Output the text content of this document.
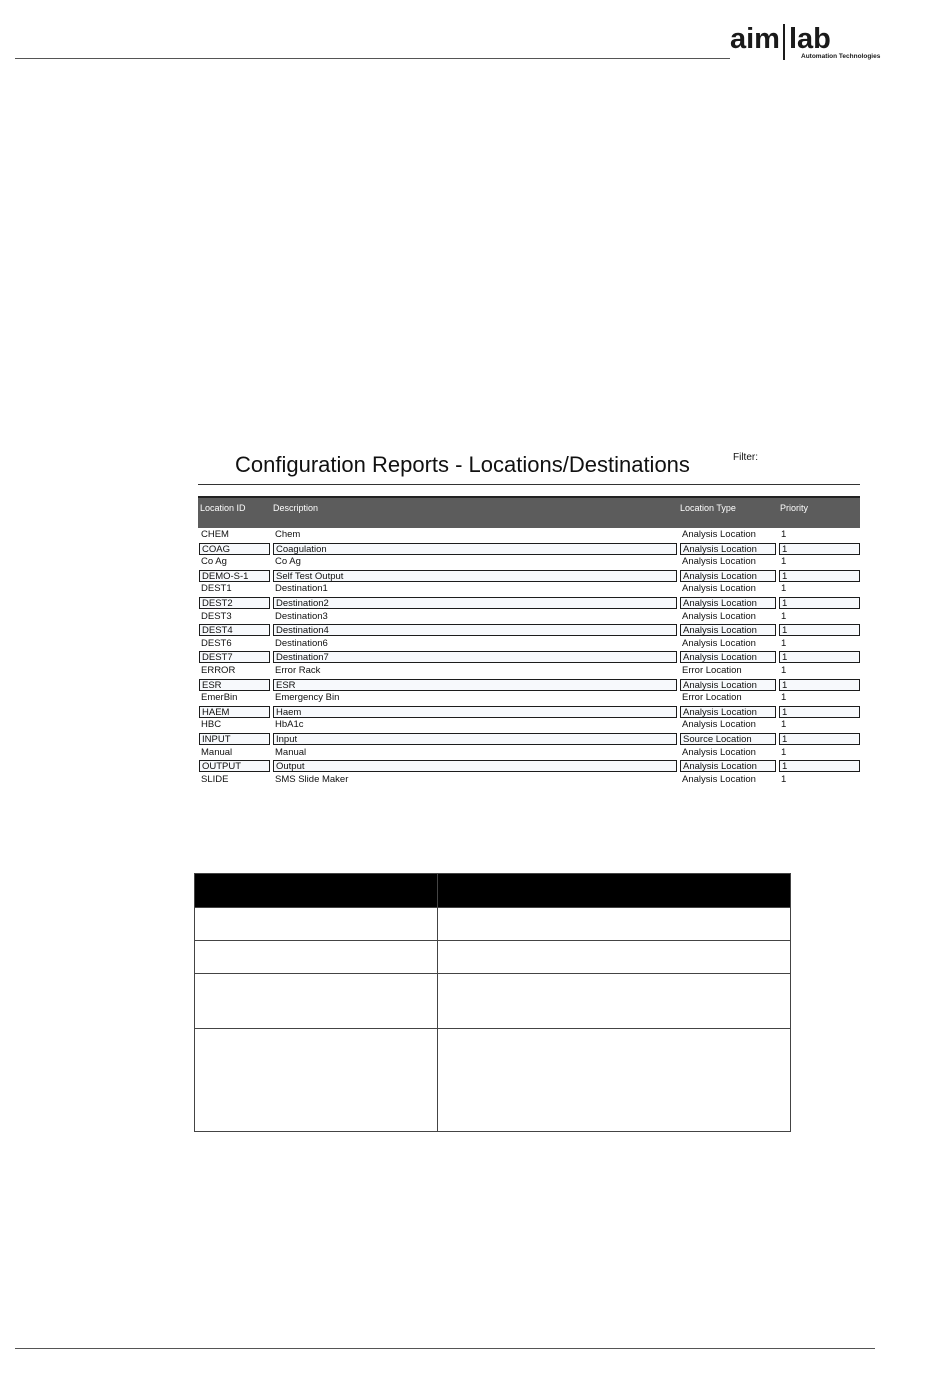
aim lab
Automation Technologies
Configuration Reports - Locations/Destinations	Filter:
Location ID	Description	Location Type	Priority
CHEM	Chem	Analysis Location	1
COAG	Coagulation	Analysis Location	1
Co Ag	Co Ag	Analysis Location	1
DEMO-S-1	Self Test Output	Analysis Location	1
DEST1	Destination1	Analysis Location	1
DEST2	Destination2	Analysis Location	1
DEST3	Destination3	Analysis Location	1
DEST4	Destination4	Analysis Location	1
DEST6	Destination6	Analysis Location	1
DEST7	Destination7	Analysis Location	1
ERROR	Error Rack	Error Location	1
ESR	ESR	Analysis Location	1
EmerBin	Emergency Bin	Error Location	1
HAEM	Haem	Analysis Location	1
HBC	HbA1c	Analysis Location	1
INPUT	Input	Source Location	1
Manual	Manual	Analysis Location	1
OUTPUT	Output	Analysis Location	1
SLIDE	SMS Slide Maker	Analysis Location	1
